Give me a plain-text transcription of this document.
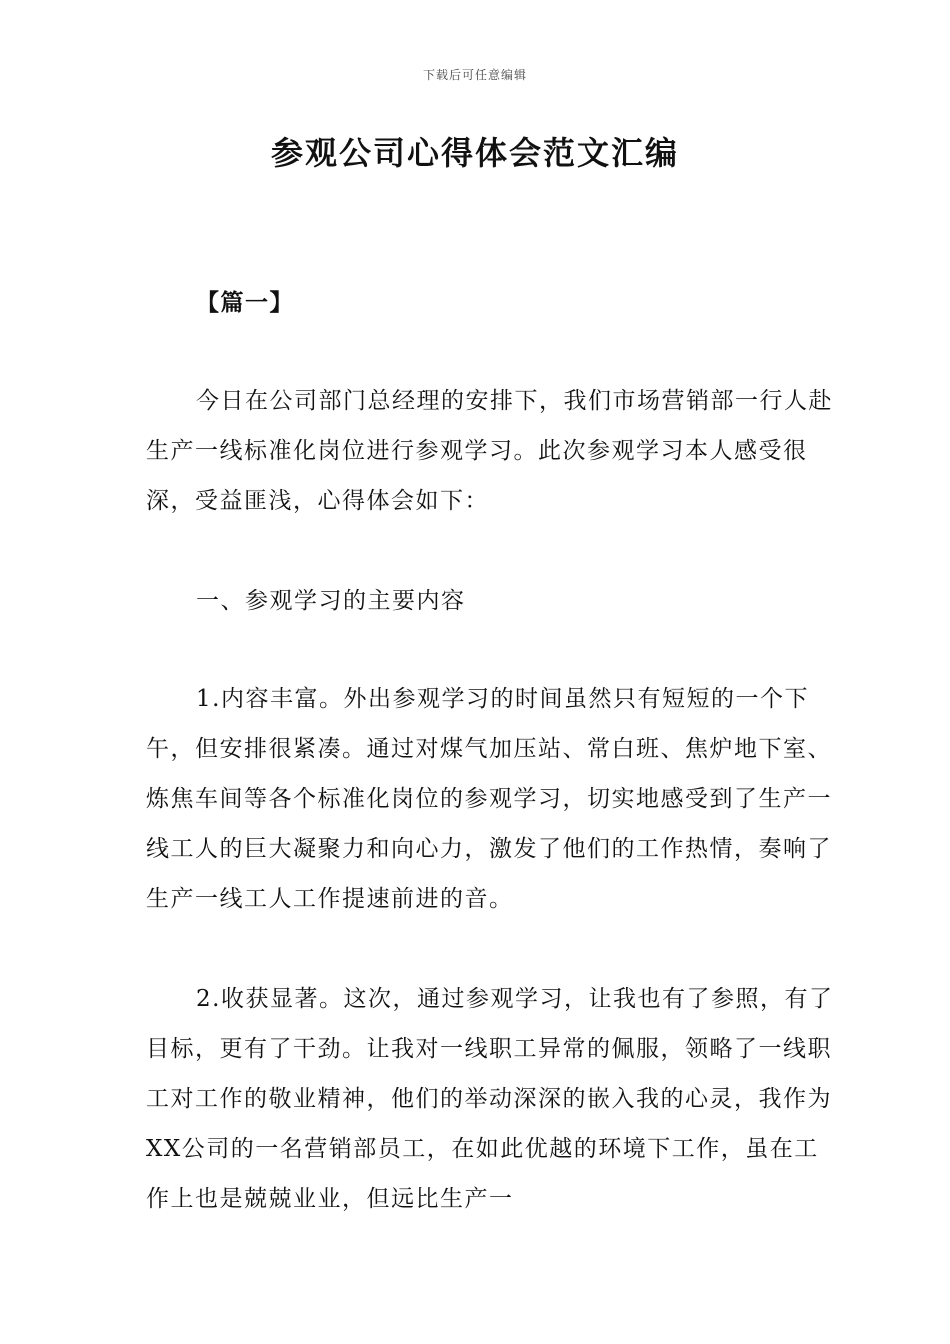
下载后可任意编辑
参观公司心得体会范文汇编
【篇一】

今日在公司部门总经理的安排下，我们市场营销部一行人赴生产一线标准化岗位进行参观学习。此次参观学习本人感受很深，受益匪浅，心得体会如下：

一、参观学习的主要内容

1.内容丰富。外出参观学习的时间虽然只有短短的一个下午，但安排很紧凑。通过对煤气加压站、常白班、焦炉地下室、炼焦车间等各个标准化岗位的参观学习，切实地感受到了生产一线工人的巨大凝聚力和向心力，激发了他们的工作热情，奏响了生产一线工人工作提速前进的音。

2.收获显著。这次，通过参观学习，让我也有了参照，有了目标，更有了干劲。让我对一线职工异常的佩服，领略了一线职工对工作的敬业精神，他们的举动深深的嵌入我的心灵，我作为XX公司的一名营销部员工，在如此优越的环境下工作，虽在工作上也是兢兢业业，但远比生产一
